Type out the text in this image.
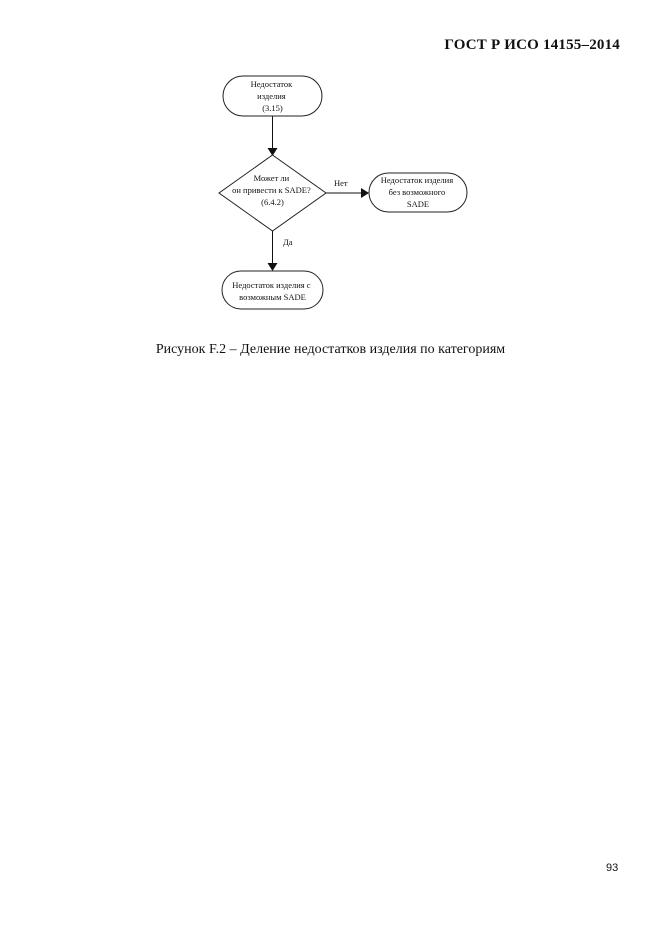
ГОСТ Р ИСО 14155–2014
Недостаток изделия (3.15)
Может ли он привести к SADE? (6.4.2)
Нет	Недостаток изделия без возможного SADE
Да
Недостаток изделия с возможным SADE
Рисунок F.2 – Деление недостатков изделия по категориям
93
